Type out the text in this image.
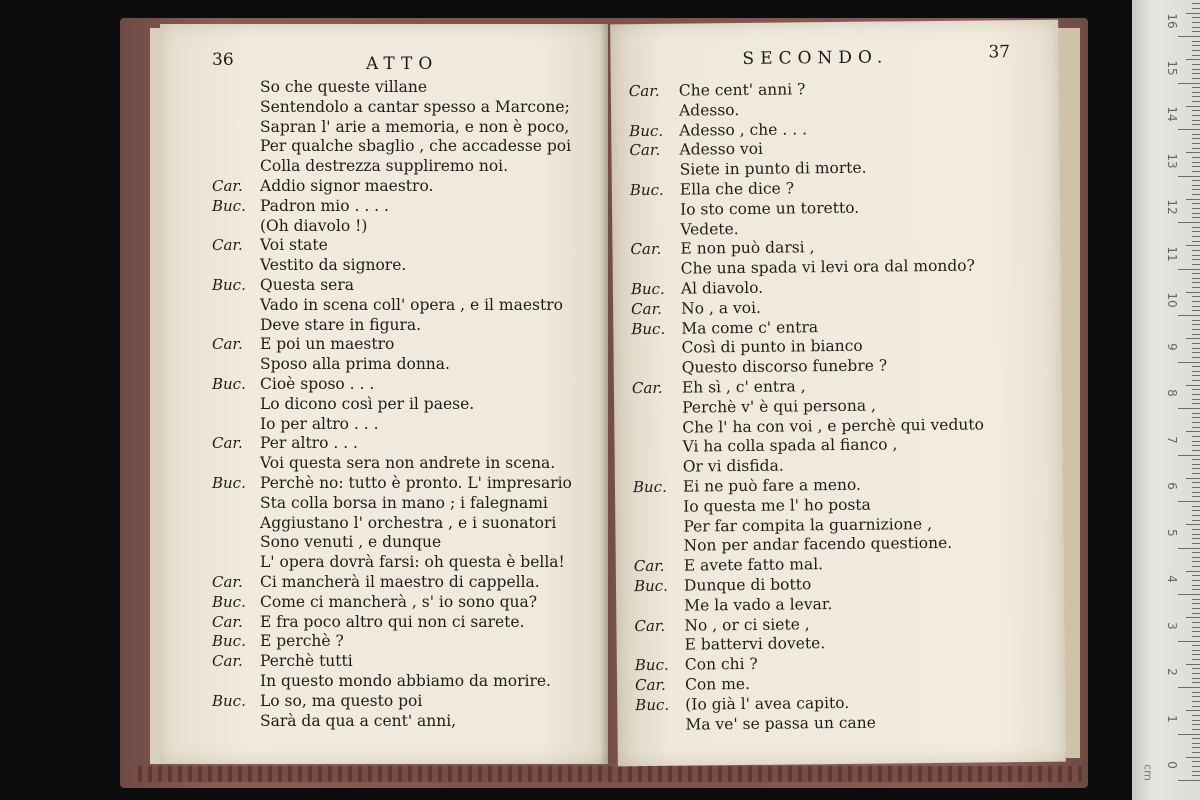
36	ATTO
So che queste villane
Sentendolo a cantar spesso a Marcone;
Sapran l' arie a memoria, e non è poco,
Per qualche sbaglio , che accadesse poi
Colla destrezza suppliremo noi.
Car. Addio signor maestro.
Buc. Padron mio . . . .
(Oh diavolo !)
Car. Voi state
Vestito da signore.
Buc. Questa sera
Vado in scena coll' opera , e il maestro
Deve stare in figura.
Car. E poi un maestro
Sposo alla prima donna.
Buc. Cioè sposo . . .
Lo dicono così per il paese.
Io per altro . . .
Car. Per altro . . .
Voi questa sera non andrete in scena.
Buc. Perchè no: tutto è pronto. L' impresario
Sta colla borsa in mano ; i falegnami
Aggiustano l' orchestra , e i suonatori
Sono venuti , e dunque
L' opera dovrà farsi: oh questa è bella!
Car. Ci mancherà il maestro di cappella.
Buc. Come ci mancherà , s' io sono qua?
Car. E fra poco altro qui non ci sarete.
Buc. E perchè ?
Car. Perchè tutti
In questo mondo abbiamo da morire.
Buc. Lo so, ma questo poi
Sarà da qua a cent' anni,
SECONDO.	37
Car. Che cent' anni ?
Adesso.
Buc. Adesso , che . . .
Car. Adesso voi
Siete in punto di morte.
Buc. Ella che dice ?
Io sto come un toretto.
Vedete.
Car. E non può darsi ,
Che una spada vi levi ora dal mondo?
Buc. Al diavolo.
Car. No , a voi.
Buc. Ma come c' entra
Così di punto in bianco
Questo discorso funebre ?
Car. Eh sì , c' entra ,
Perchè v' è qui persona ,
Che l' ha con voi , e perchè qui veduto
Vi ha colla spada al fianco ,
Or vi disfida.
Buc. Ei ne può fare a meno.
Io questa me l' ho posta
Per far compita la guarnizione ,
Non per andar facendo questione.
Car. E avete fatto mal.
Buc. Dunque di botto
Me la vado a levar.
Car. No , or ci siete ,
E battervi dovete.
Buc. Con chi ?
Car. Con me.
Buc. (Io già l' avea capito.
Ma ve' se passa un cane
0
1
2
3
4
5
6
7
8
9
10
11
12
13
14
15
16
cm
